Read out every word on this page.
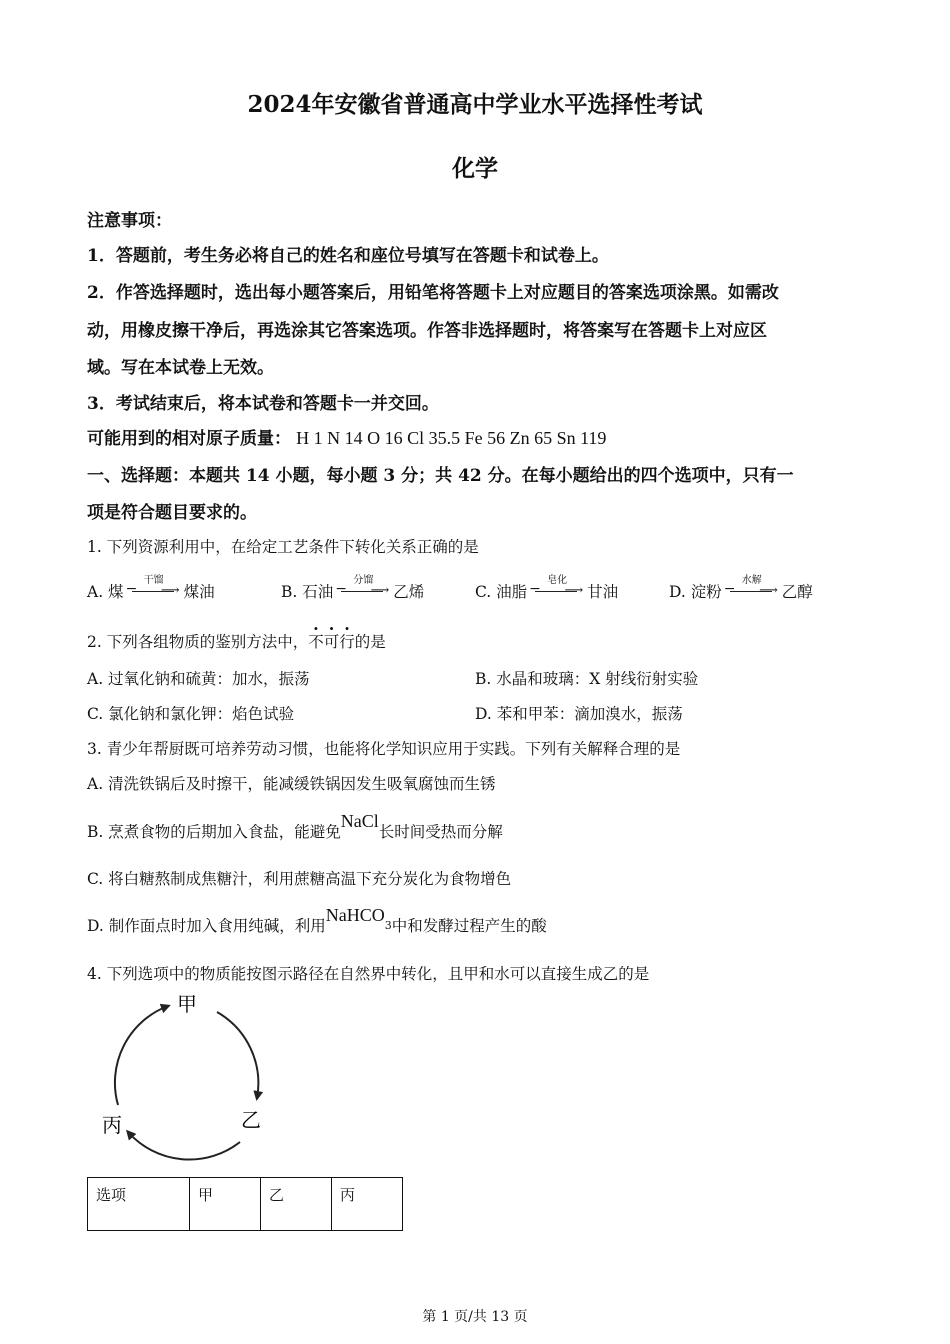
2024年安徽省普通高中学业水平选择性考试
化学
注意事项：
1．答题前，考生务必将自己的姓名和座位号填写在答题卡和试卷上。
2．作答选择题时，选出每小题答案后，用铅笔将答题卡上对应题目的答案选项涂黑。如需改
动，用橡皮擦干净后，再选涂其它答案选项。作答非选择题时，将答案写在答题卡上对应区
域。写在本试卷上无效。
3．考试结束后，将本试卷和答题卡一并交回。
可能用到的相对原子质量： H 1 N 14 O 16 Cl 35.5 Fe 56 Zn 65 Sn 119
一、选择题：本题共 14 小题，每小题 3 分；共 42 分。在每小题给出的四个选项中，只有一
项是符合题目要求的。
1. 下列资源利用中，在给定工艺条件下转化关系正确的是
A. 煤
干馏
−
⟶ 煤油	B. 石油
分馏
−
⟶ 乙烯	C. 油脂
皂化
−
⟶ 甘油	D. 淀粉
水解
−
⟶ 乙醇
2. 下列各组物质的鉴别方法中，不可行的是
A. 过氧化钠和硫黄：加水，振荡	B. 水晶和玻璃：X 射线衍射实验
C. 氯化钠和氯化钾：焰色试验	D. 苯和甲苯：滴加溴水，振荡
3. 青少年帮厨既可培养劳动习惯，也能将化学知识应用于实践。下列有关解释合理的是
A. 清洗铁锅后及时擦干，能减缓铁锅因发生吸氧腐蚀而生锈
B. 烹煮食物的后期加入食盐，能避免NaCl长时间受热而分解
C. 将白糖熬制成焦糖汁，利用蔗糖高温下充分炭化为食物增色
D. 制作面点时加入食用纯碱，利用NaHCO$_3$中和发酵过程产生的酸
4. 下列选项中的物质能按图示路径在自然界中转化，且甲和水可以直接生成乙的是
甲
乙
丙
选项	甲	乙	丙
第 1 页/共 13 页
